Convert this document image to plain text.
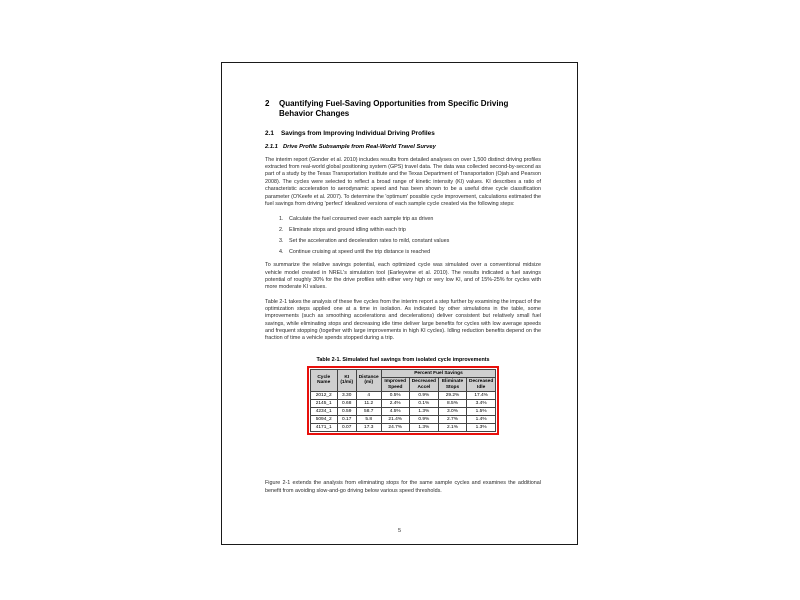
2	Quantifying Fuel-Saving Opportunities from Specific Driving Behavior Changes
2.1	Savings from Improving Individual Driving Profiles
2.1.1 Drive Profile Subsample from Real-World Travel Survey

The interim report (Gonder et al. 2010) includes results from detailed analyses on over 1,500 distinct driving profiles extracted from real-world global positioning system (GPS) travel data. The data was collected second-by-second as part of a study by the Texas Transportation Institute and the Texas Department of Transportation (Ojah and Pearson 2008). The cycles were selected to reflect a broad range of kinetic intensity (KI) values. KI describes a ratio of characteristic acceleration to aerodynamic speed and has been shown to be a useful drive cycle classification parameter (O'Keefe et al. 2007). To determine the 'optimum' possible cycle improvement, calculations estimated the fuel savings from driving 'perfect' idealized versions of each sample cycle created via the following steps:

1.	Calculate the fuel consumed over each sample trip as driven
2.	Eliminate stops and ground idling within each trip
3.	Set the acceleration and deceleration rates to mild, constant values
4.	Continue cruising at speed until the trip distance is reached

To summarize the relative savings potential, each optimized cycle was simulated over a conventional midsize vehicle model created in NREL's simulation tool (Earleywine et al. 2010). The results indicated a fuel savings potential of roughly 30% for the drive profiles with either very high or very low KI, and of 15%-25% for cycles with more moderate KI values.

Table 2-1 takes the analysis of these five cycles from the interim report a step further by examining the impact of the optimization steps applied one at a time in isolation. As indicated by other simulations in the table, some improvements (such as smoothing accelerations and decelerations) deliver consistent but relatively small fuel savings, while eliminating stops and decreasing idle time deliver large benefits for cycles with low average speeds and frequent stopping (together with large improvements in high KI cycles). Idling reduction benefits depend on the fraction of time a vehicle spends stopped during a trip.

Table 2-1. Simulated fuel savings from isolated cycle improvements
Cycle Name	KI (1/mi)	Distance (mi)	Percent Fuel Savings			
			Improved Speed	Decreased Accel	Eliminate Stops	Decreased Idle
2012_2	3.30	4	0.5%	0.9%	29.2%	17.4%
2145_1	0.68	11.2	2.4%	0.1%	8.5%	3.4%
4234_1	0.59	58.7	4.5%	1.3%	3.0%	1.5%
5094_2	0.17	5.8	21.4%	0.9%	2.7%	1.4%
4171_1	0.07	17.3	24.7%	1.3%	2.1%	1.3%

Figure 2-1 extends the analysis from eliminating stops for the same sample cycles and examines the additional benefit from avoiding slow-and-go driving below various speed thresholds.

5
